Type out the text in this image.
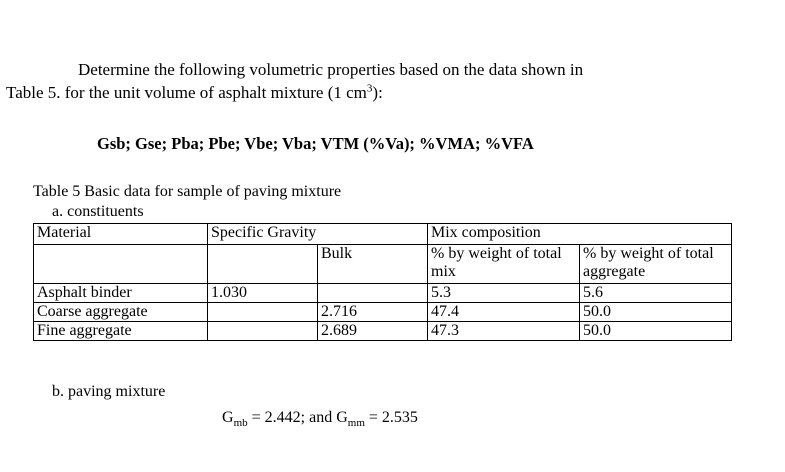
Determine the following volumetric properties based on the data shown in
Table 5. for the unit volume of asphalt mixture (1 $cm^3$):
Gsb; Gse; Pba; Pbe; Vbe; Vba; VTM (%Va); %VMA; %VFA
Table 5 Basic data for sample of paving mixture
a. constituents
Material	Specific Gravity		Mix composition	
		Bulk	% by weight of total mix	% by weight of total aggregate
Asphalt binder	1.030		5.3	5.6
Coarse aggregate		2.716	47.4	50.0
Fine aggregate		2.689	47.3	50.0
b. paving mixture
$G_{mb} = 2.442$; and $G_{mm} = 2.535$
